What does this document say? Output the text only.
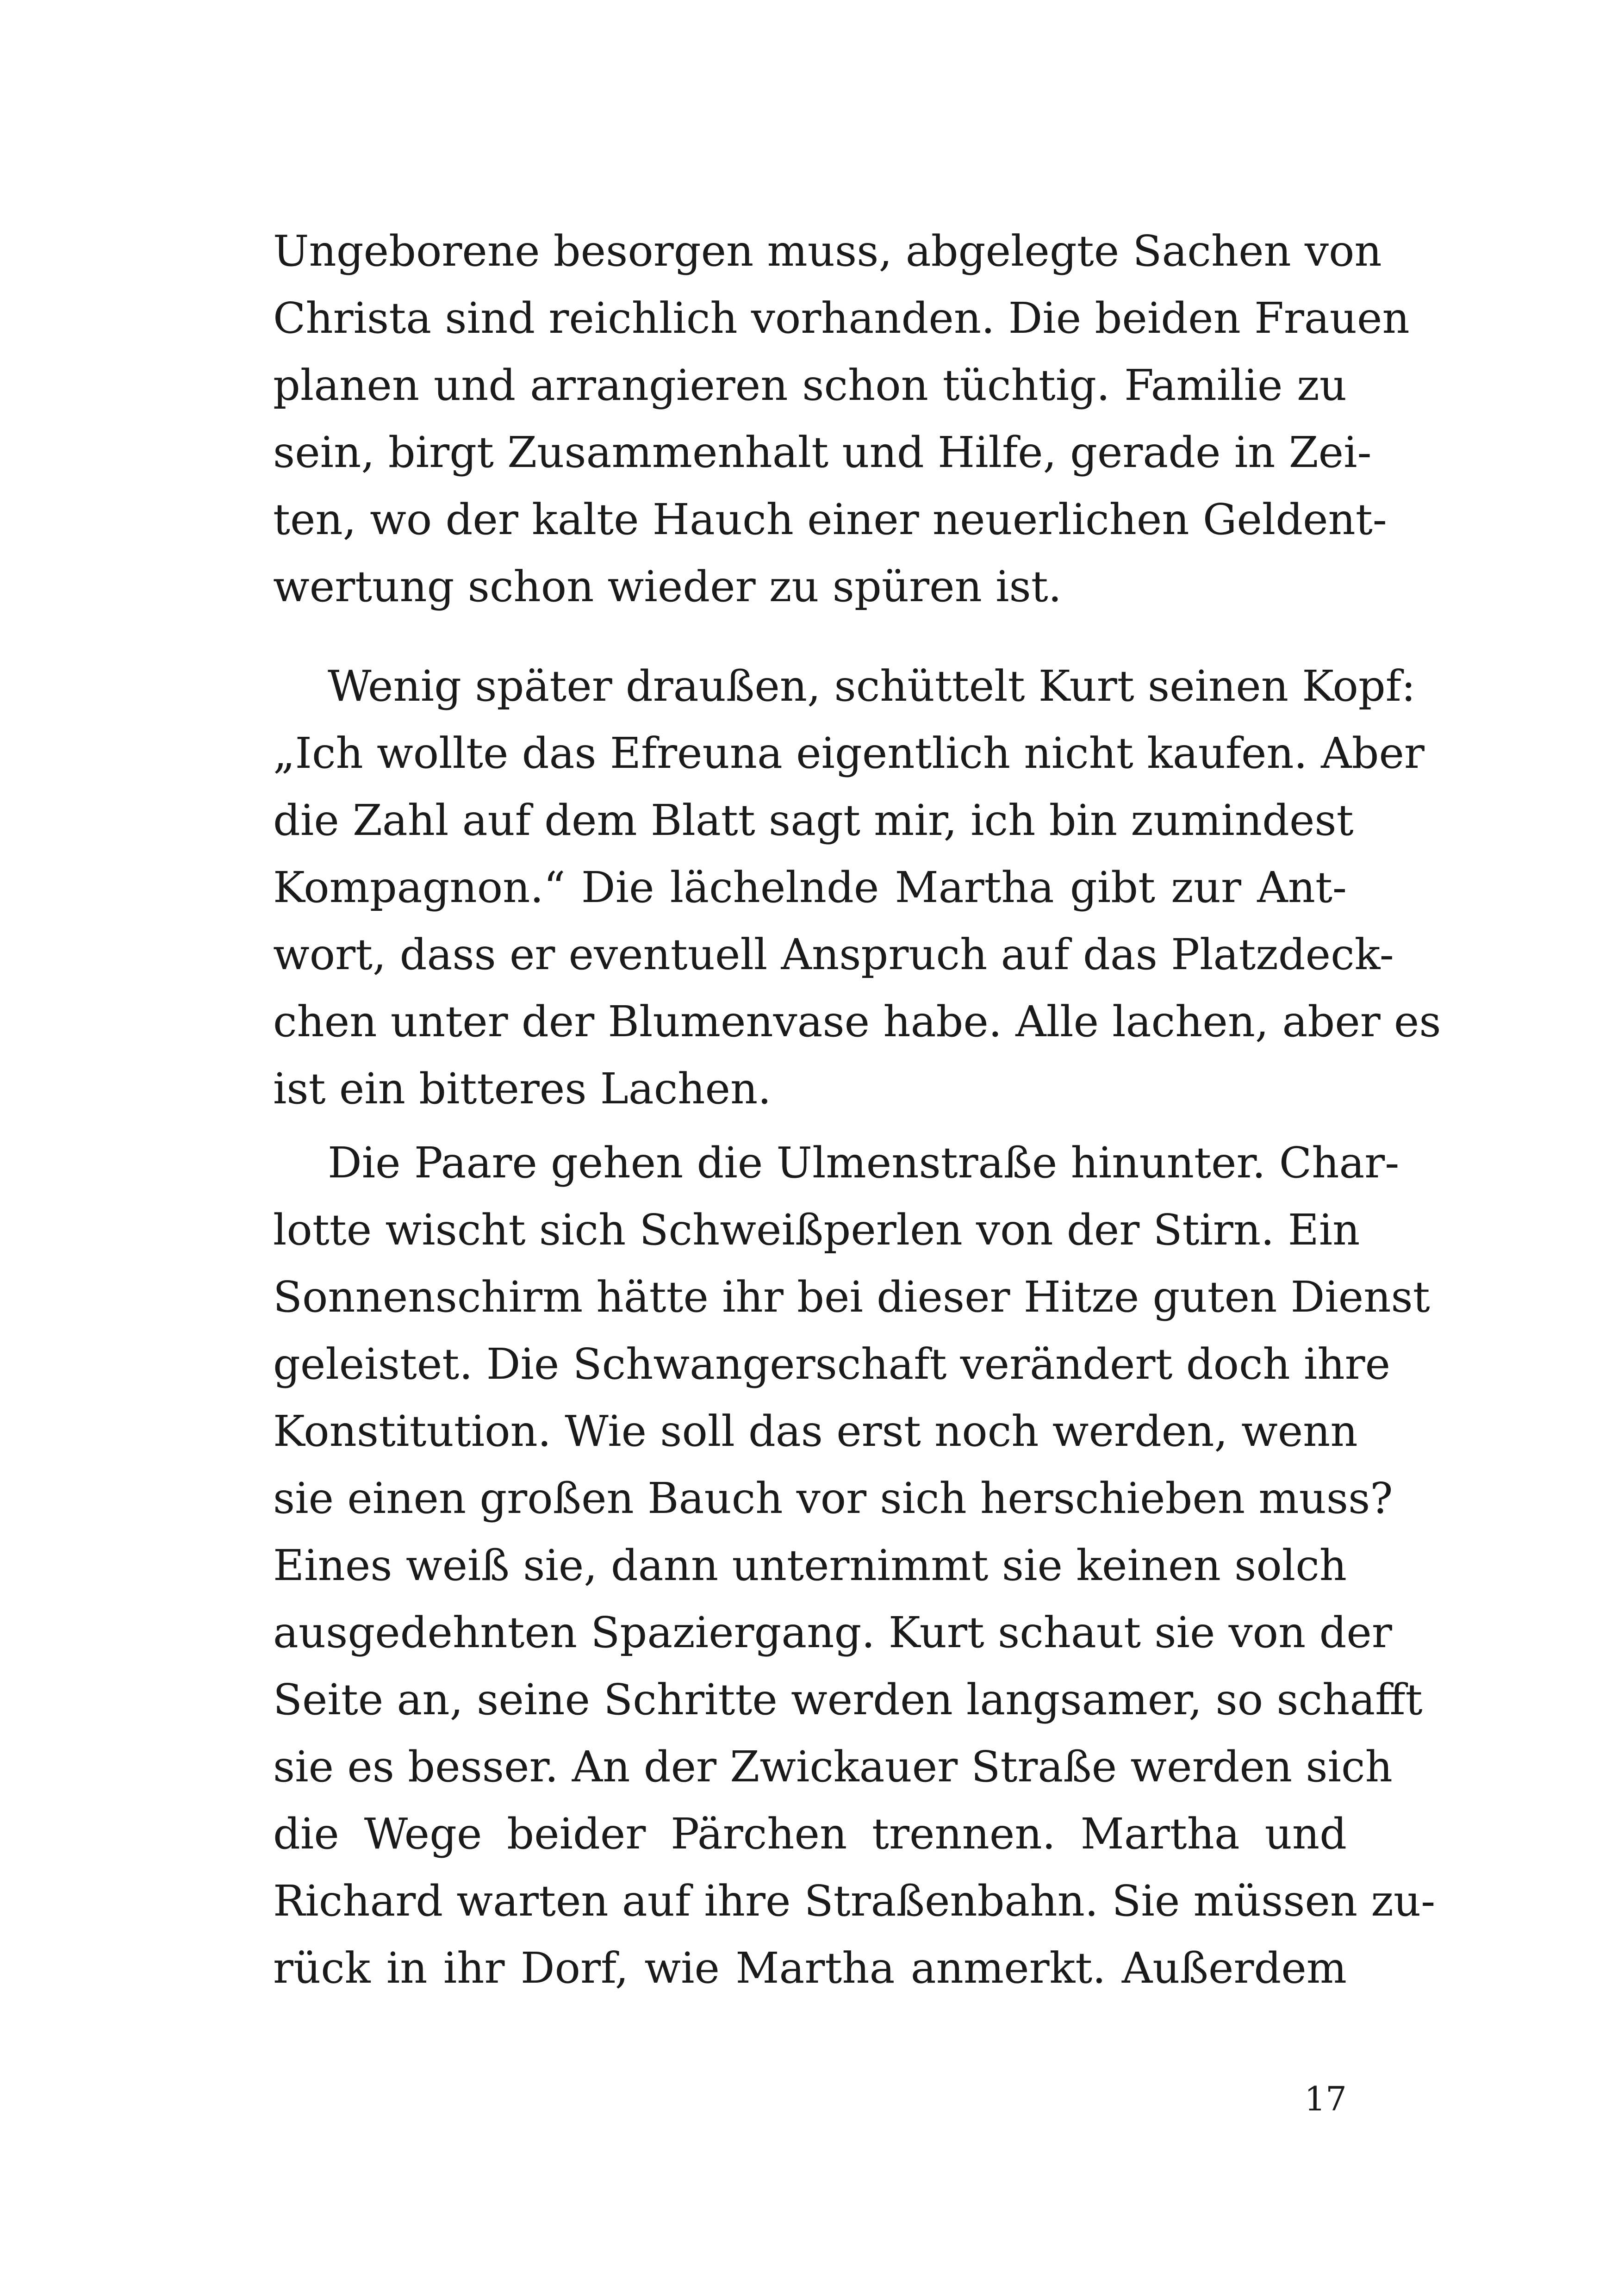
Ungeborene besorgen muss, abgelegte Sachen von
Christa sind reichlich vorhanden. Die beiden Frauen
planen und arrangieren schon tüchtig. Familie zu
sein, birgt Zusammenhalt und Hilfe, gerade in Zei-
ten, wo der kalte Hauch einer neuerlichen Geldent-
wertung schon wieder zu spüren ist.
Wenig später draußen, schüttelt Kurt seinen Kopf:
„Ich wollte das Efreuna eigentlich nicht kaufen. Aber
die Zahl auf dem Blatt sagt mir, ich bin zumindest
Kompagnon.“ Die lächelnde Martha gibt zur Ant-
wort, dass er eventuell Anspruch auf das Platzdeck-
chen unter der Blumenvase habe. Alle lachen, aber es
ist ein bitteres Lachen.
Die Paare gehen die Ulmenstraße hinunter. Char-
lotte wischt sich Schweißperlen von der Stirn. Ein
Sonnenschirm hätte ihr bei dieser Hitze guten Dienst
geleistet. Die Schwangerschaft verändert doch ihre
Konstitution. Wie soll das erst noch werden, wenn
sie einen großen Bauch vor sich herschieben muss?
Eines weiß sie, dann unternimmt sie keinen solch
ausgedehnten Spaziergang. Kurt schaut sie von der
Seite an, seine Schritte werden langsamer, so schafft
sie es besser. An der Zwickauer Straße werden sich
die Wege beider Pärchen trennen. Martha und
Richard warten auf ihre Straßenbahn. Sie müssen zu-
rück in ihr Dorf, wie Martha anmerkt. Außerdem
17
